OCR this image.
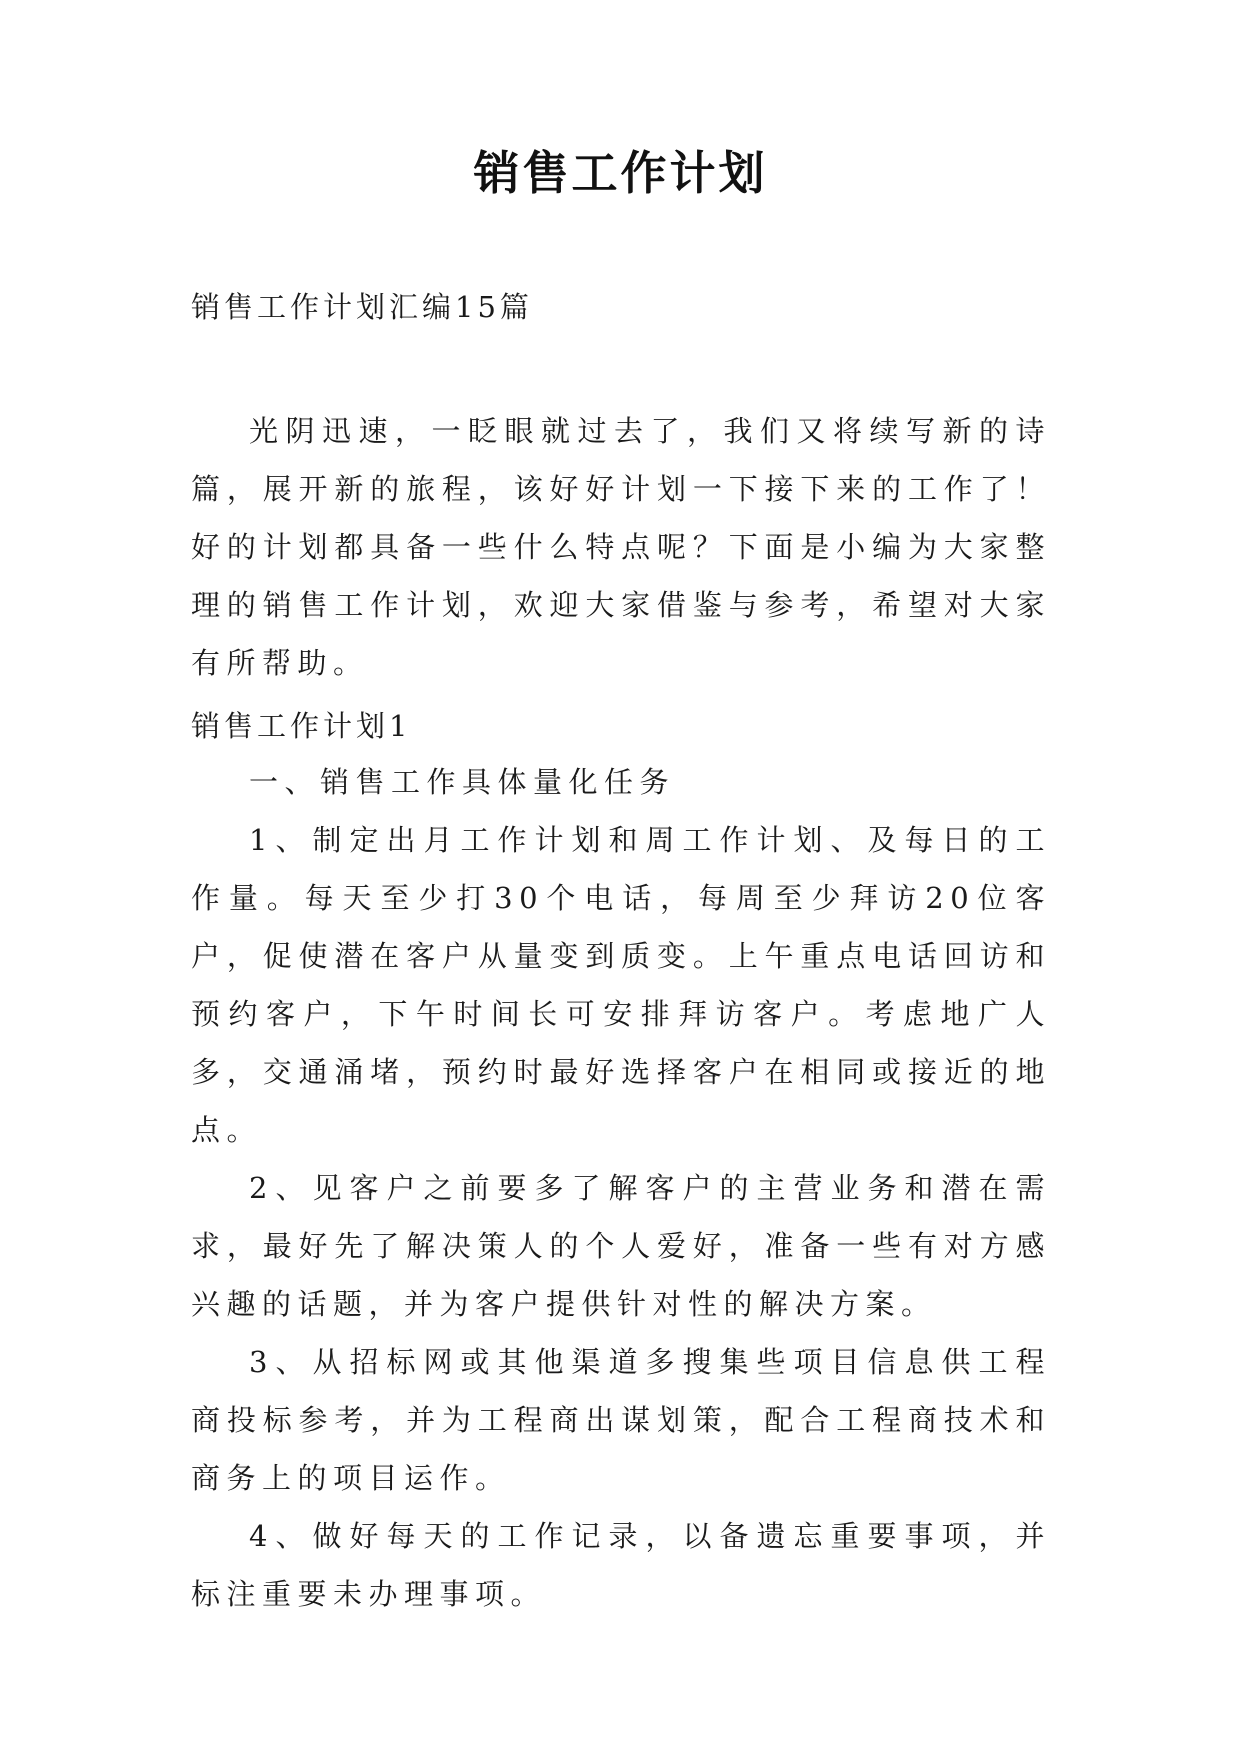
销售工作计划
销售工作计划汇编15篇

光阴迅速，一眨眼就过去了，我们又将续写新的诗篇，展开新的旅程，该好好计划一下接下来的工作了！好的计划都具备一些什么特点呢？下面是小编为大家整理的销售工作计划，欢迎大家借鉴与参考，希望对大家有所帮助。

销售工作计划1

一、销售工作具体量化任务

1、制定出月工作计划和周工作计划、及每日的工作量。每天至少打30个电话，每周至少拜访20位客户，促使潜在客户从量变到质变。上午重点电话回访和预约客户，下午时间长可安排拜访客户。考虑地广人多，交通涌堵，预约时最好选择客户在相同或接近的地点。

2、见客户之前要多了解客户的主营业务和潜在需求，最好先了解决策人的个人爱好，准备一些有对方感兴趣的话题，并为客户提供针对性的解决方案。

3、从招标网或其他渠道多搜集些项目信息供工程商投标参考，并为工程商出谋划策，配合工程商技术和商务上的项目运作。

4、做好每天的工作记录，以备遗忘重要事项，并标注重要未办理事项。
